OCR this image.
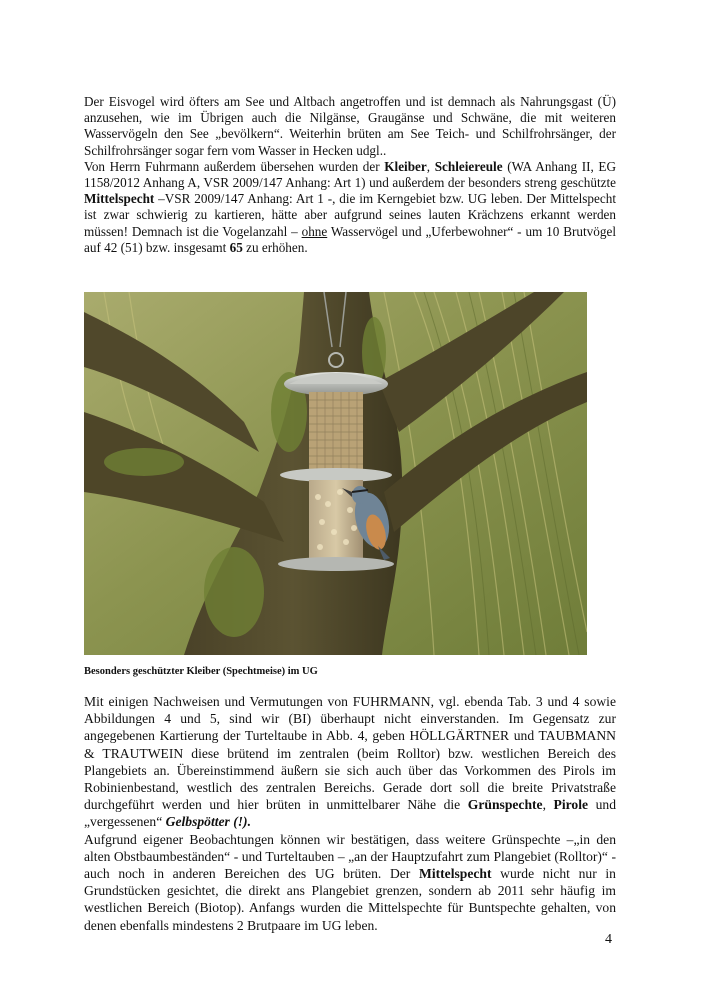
Der Eisvogel wird öfters am See und Altbach angetroffen und ist demnach als Nahrungsgast (Ü) anzusehen, wie im Übrigen auch die Nilgänse, Graugänse und Schwäne, die mit weiteren Wasservögeln den See „bevölkern“. Weiterhin brüten am See Teich- und Schilfrohrsänger, der Schilfrohrsänger sogar fern vom Wasser in Hecken udgl..
Von Herrn Fuhrmann außerdem übersehen wurden der Kleiber, Schleiereule (WA Anhang II, EG 1158/2012 Anhang A, VSR 2009/147 Anhang: Art 1) und außerdem der besonders streng geschützte Mittelspecht –VSR 2009/147 Anhang: Art 1 -, die im Kerngebiet bzw. UG leben. Der Mittelspecht ist zwar schwierig zu kartieren, hätte aber aufgrund seines lauten Krächzens erkannt werden müssen! Demnach ist die Vogelanzahl – ohne Wasservögel und „Uferbewohner“ - um 10 Brutvögel auf 42 (51) bzw. insgesamt 65 zu erhöhen.

Besonders geschützter Kleiber (Spechtmeise) im UG

Mit einigen Nachweisen und Vermutungen von FUHRMANN, vgl. ebenda Tab. 3 und 4 sowie Abbildungen 4 und 5, sind wir (BI) überhaupt nicht einverstanden. Im Gegensatz zur angegebenen Kartierung der Turteltaube in Abb. 4, geben HÖLLGÄRTNER und TAUBMANN & TRAUTWEIN diese brütend im zentralen (beim Rolltor) bzw. westlichen Bereich des Plangebiets an. Übereinstimmend äußern sie sich auch über das Vorkommen des Pirols im Robinienbestand, westlich des zentralen Bereichs. Gerade dort soll die breite Privatstraße durchgeführt werden und hier brüten in unmittelbarer Nähe die Grünspechte, Pirole und „vergessenen“ Gelbspötter (!).
Aufgrund eigener Beobachtungen können wir bestätigen, dass weitere Grünspechte –„in den alten Obstbaumbeständen“ - und Turteltauben – „an der Hauptzufahrt zum Plangebiet (Rolltor)“ - auch noch in anderen Bereichen des UG brüten. Der Mittelspecht wurde nicht nur in Grundstücken gesichtet, die direkt ans Plangebiet grenzen, sondern ab 2011 sehr häufig im westlichen Bereich (Biotop). Anfangs wurden die Mittelspechte für Buntspechte gehalten, von denen ebenfalls mindestens 2 Brutpaare im UG leben.

4
